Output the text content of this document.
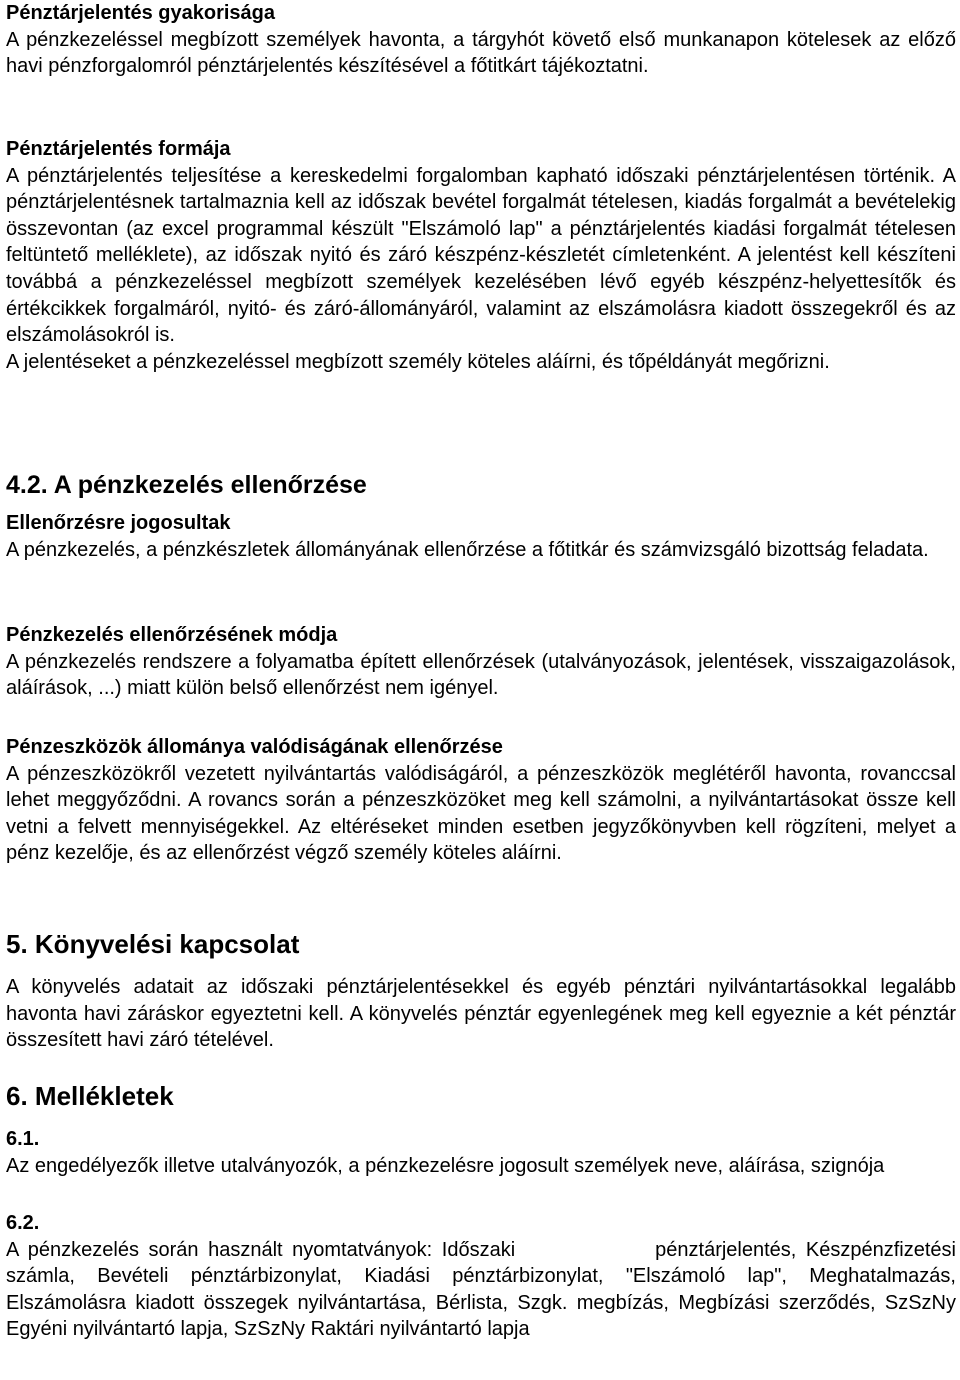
Pénztárjelentés gyakorisága

A pénzkezeléssel megbízott személyek havonta, a tárgyhót követő első munkanapon kötelesek az előző havi pénzforgalomról pénztárjelentés készítésével a főtitkárt tájékoztatni.

Pénztárjelentés formája

A pénztárjelentés teljesítése a kereskedelmi forgalomban kapható időszaki pénztárjelentésen történik. A pénztárjelentésnek tartalmaznia kell az időszak bevétel forgalmát tételesen, kiadás forgalmát a bevételekig összevontan (az excel programmal készült "Elszámoló lap" a pénztárjelentés kiadási forgalmát tételesen feltüntető melléklete), az időszak nyitó és záró készpénz-készletét címletenként. A jelentést kell készíteni továbbá a pénzkezeléssel megbízott személyek kezelésében lévő egyéb készpénz-helyettesítők és értékcikkek forgalmáról, nyitó- és záró-állományáról, valamint az elszámolásra kiadott összegekről és az elszámolásokról is.

A jelentéseket a pénzkezeléssel megbízott személy köteles aláírni, és tőpéldányát megőrizni.

4.2. A pénzkezelés ellenőrzése

Ellenőrzésre jogosultak

A pénzkezelés, a pénzkészletek állományának ellenőrzése a főtitkár és számvizsgáló bizottság feladata.

Pénzkezelés ellenőrzésének módja

A pénzkezelés rendszere a folyamatba épített ellenőrzések (utalványozások, jelentések, visszaigazolások, aláírások, ...) miatt külön belső ellenőrzést nem igényel.

Pénzeszközök állománya valódiságának ellenőrzése

A pénzeszközökről vezetett nyilvántartás valódiságáról, a pénzeszközök meglétéről havonta, rovanccsal lehet meggyőződni. A rovancs során a pénzeszközöket meg kell számolni, a nyilvántartásokat össze kell vetni a felvett mennyiségekkel. Az eltéréseket minden esetben jegyzőkönyvben kell rögzíteni, melyet a pénz kezelője, és az ellenőrzést végző személy köteles aláírni.

5. Könyvelési kapcsolat

A könyvelés adatait az időszaki pénztárjelentésekkel és egyéb pénztári nyilvántartásokkal legalább havonta havi záráskor egyeztetni kell. A könyvelés pénztár egyenlegének meg kell egyeznie a két pénztár összesített havi záró tételével.

6. Mellékletek

6.1.

Az engedélyezők illetve utalványozók, a pénzkezelésre jogosult személyek neve, aláírása, szignója

6.2.

A pénzkezelés során használt nyomtatványok: Időszaki	pénztárjelentés, Készpénzfizetési számla, Bevételi pénztárbizonylat, Kiadási pénztárbizonylat, "Elszámoló lap", Meghatalmazás, Elszámolásra kiadott összegek nyilvántartása, Bérlista, Szgk. megbízás, Megbízási szerződés, SzSzNy Egyéni nyilvántartó lapja, SzSzNy Raktári nyilvántartó lapja
